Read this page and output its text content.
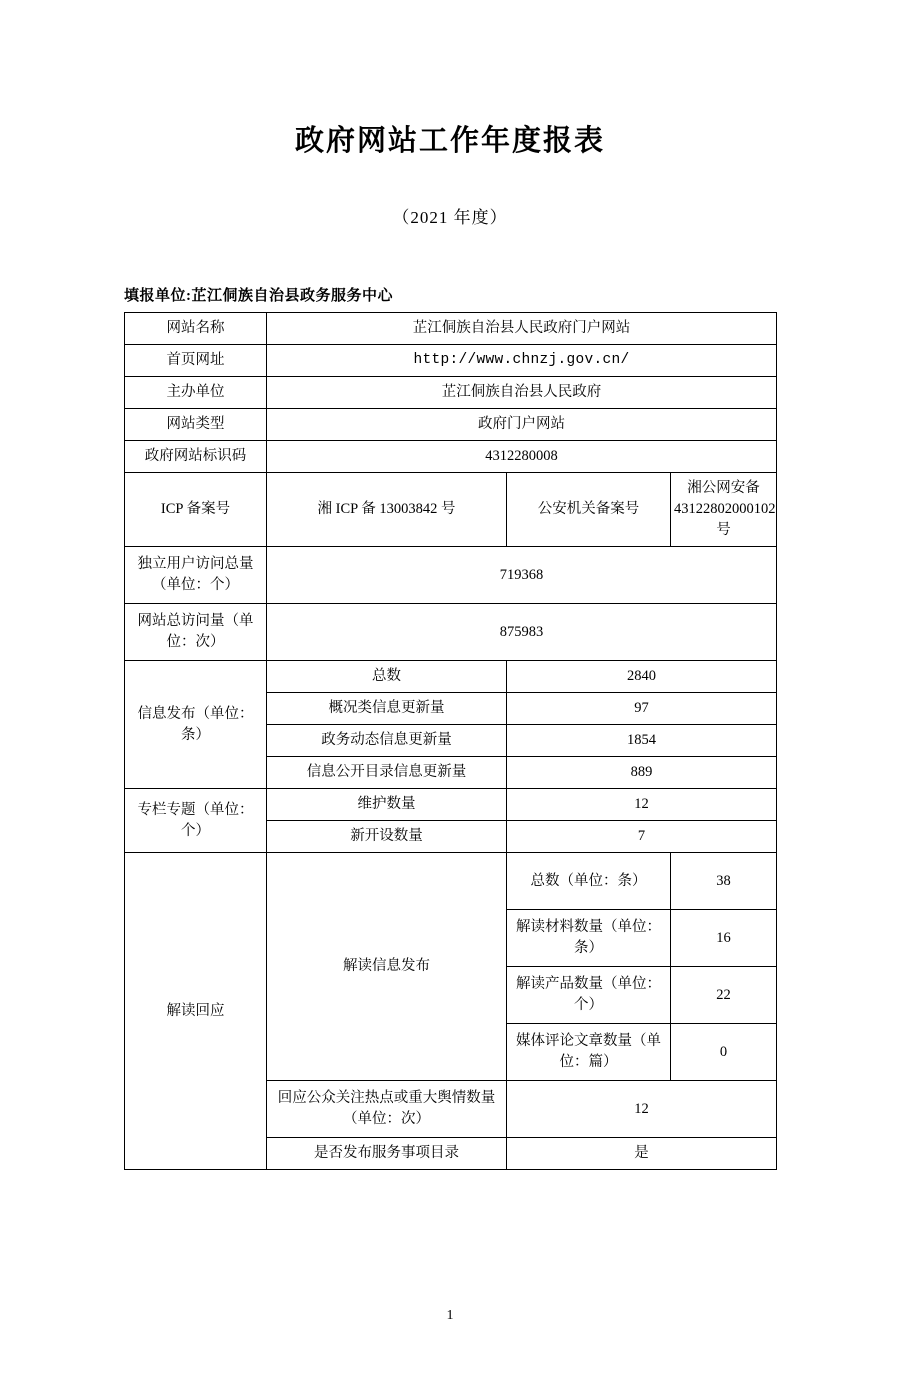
政府网站工作年度报表
（2021 年度）
填报单位:芷江侗族自治县政务服务中心
网站名称	芷江侗族自治县人民政府门户网站		
首页网址	http://www.chnzj.gov.cn/		
主办单位	芷江侗族自治县人民政府		
网站类型	政府门户网站		
政府网站标识码	4312280008		
ICP 备案号	湘 ICP 备 13003842 号	公安机关备案号	湘公网安备 43122802000102 号
独立用户访问总量（单位：个）	719368		
网站总访问量（单位：次）	875983		
信息发布（单位：条）	总数	2840	
	概况类信息更新量	97	
	政务动态信息更新量	1854	
	信息公开目录信息更新量	889	
专栏专题（单位：个）	维护数量	12	
	新开设数量	7	
解读回应	解读信息发布	总数（单位：条）	38
		解读材料数量（单位：条）	16
		解读产品数量（单位：个）	22
		媒体评论文章数量（单位：篇）	0
	回应公众关注热点或重大舆情数量（单位：次）	12	
	是否发布服务事项目录	是	
1
